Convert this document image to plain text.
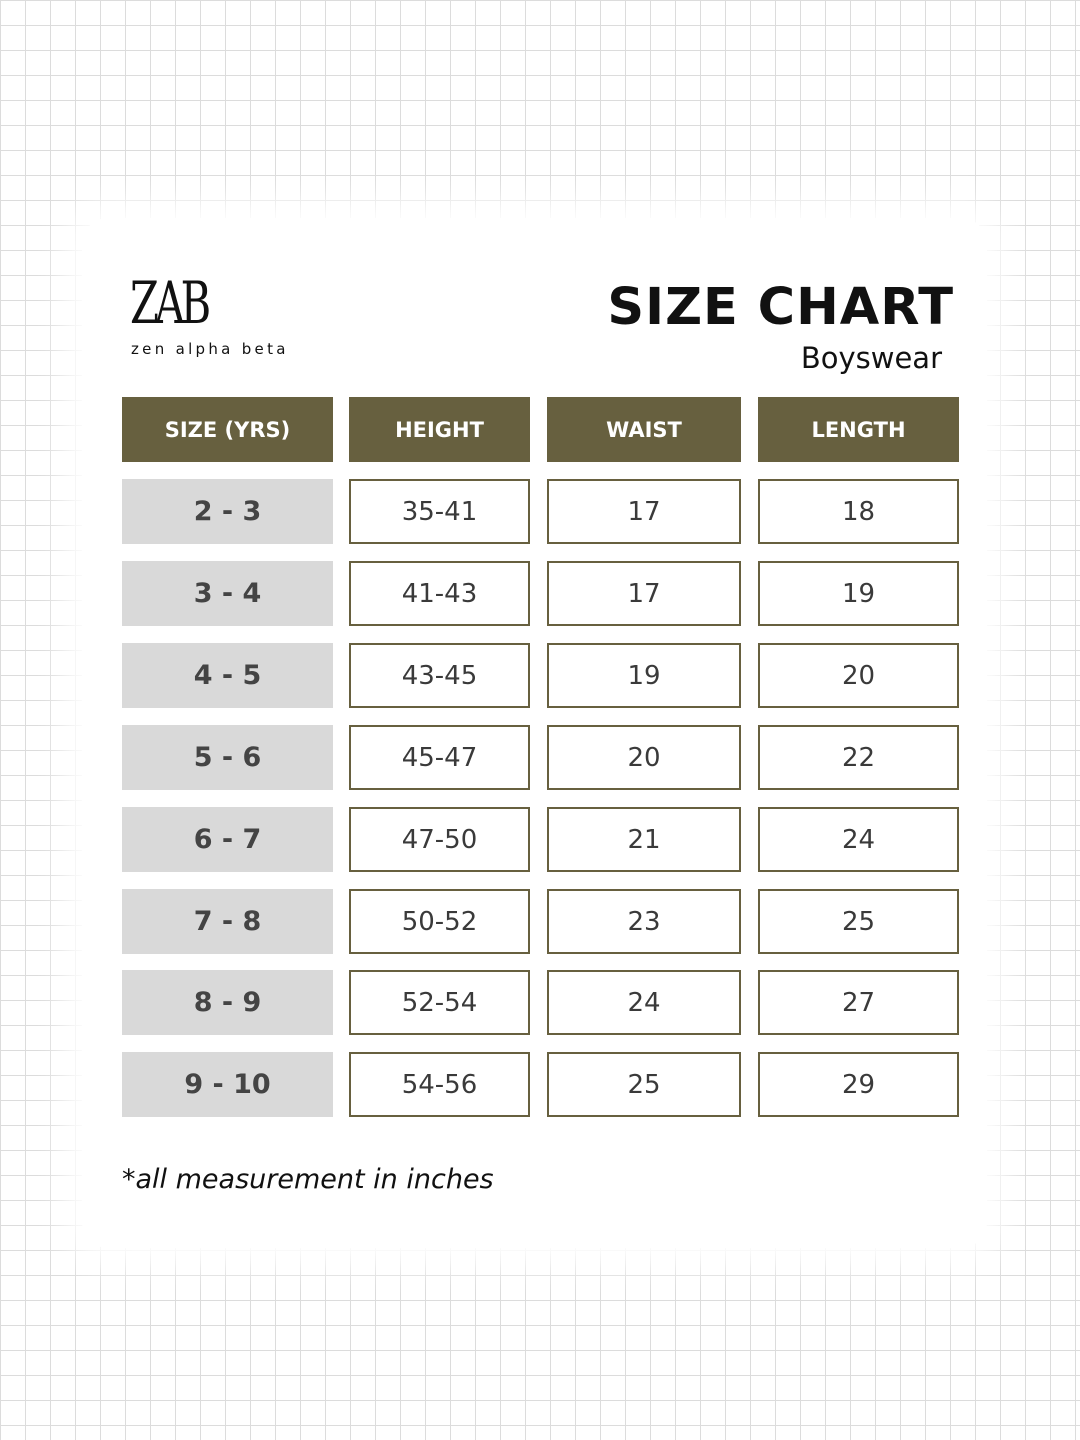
ZAB
zen alpha beta
SIZE CHART
Boyswear
SIZE (YRS)	HEIGHT	WAIST	LENGTH
2 - 3	35-41	17	18
3 - 4	41-43	17	19
4 - 5	43-45	19	20
5 - 6	45-47	20	22
6 - 7	47-50	21	24
7 - 8	50-52	23	25
8 - 9	52-54	24	27
9 - 10	54-56	25	29
*all measurement in inches
